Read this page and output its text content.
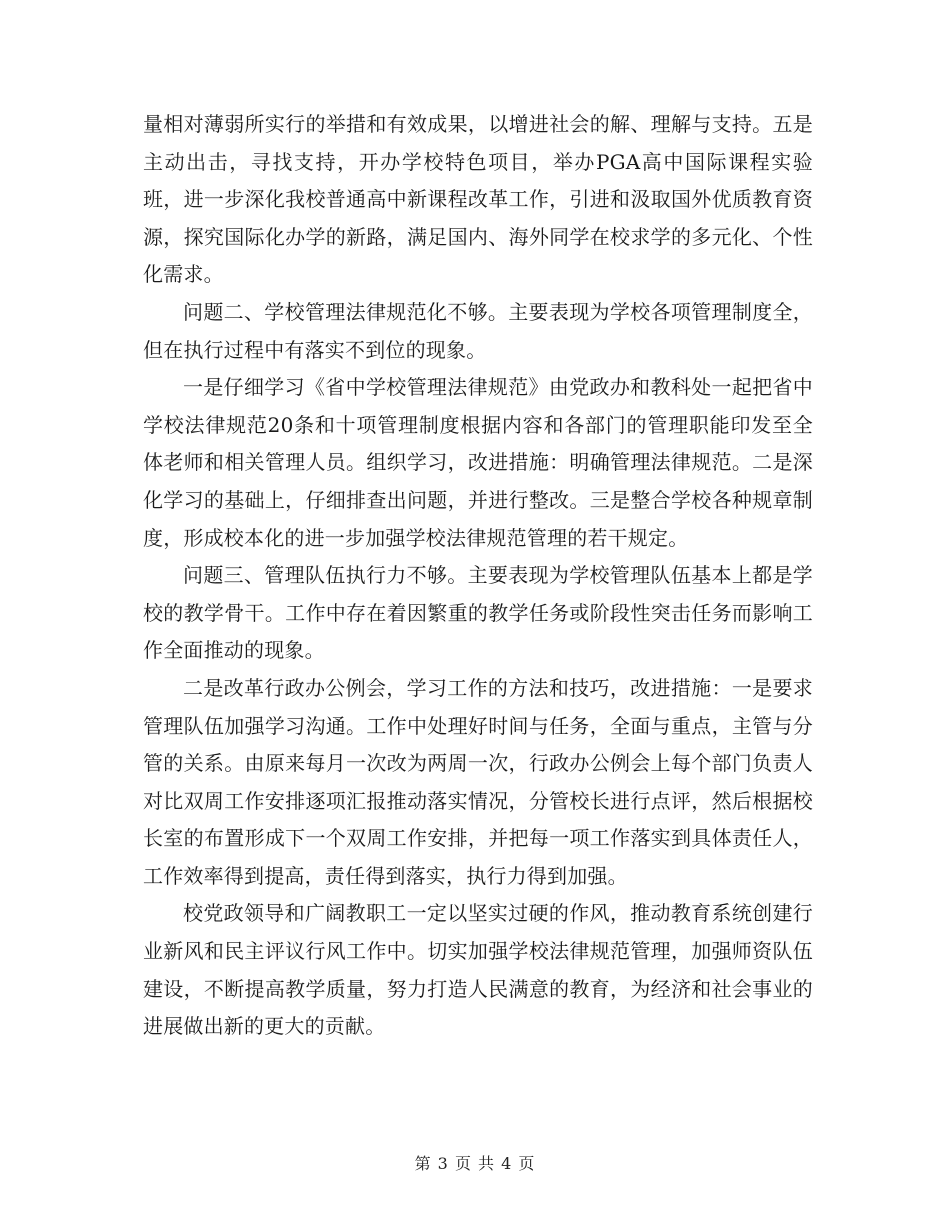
量相对薄弱所实行的举措和有效成果，以增进社会的解、理解与支持。五是主动出击，寻找支持，开办学校特色项目，举办PGA高中国际课程实验班，进一步深化我校普通高中新课程改革工作，引进和汲取国外优质教育资源，探究国际化办学的新路，满足国内、海外同学在校求学的多元化、个性化需求。

问题二、学校管理法律规范化不够。主要表现为学校各项管理制度全，但在执行过程中有落实不到位的现象。

一是仔细学习《省中学校管理法律规范》由党政办和教科处一起把省中学校法律规范20条和十项管理制度根据内容和各部门的管理职能印发至全体老师和相关管理人员。组织学习，改进措施：明确管理法律规范。二是深化学习的基础上，仔细排查出问题，并进行整改。三是整合学校各种规章制度，形成校本化的进一步加强学校法律规范管理的若干规定。

问题三、管理队伍执行力不够。主要表现为学校管理队伍基本上都是学校的教学骨干。工作中存在着因繁重的教学任务或阶段性突击任务而影响工作全面推动的现象。

二是改革行政办公例会，学习工作的方法和技巧，改进措施：一是要求管理队伍加强学习沟通。工作中处理好时间与任务，全面与重点，主管与分管的关系。由原来每月一次改为两周一次，行政办公例会上每个部门负责人对比双周工作安排逐项汇报推动落实情况，分管校长进行点评，然后根据校长室的布置形成下一个双周工作安排，并把每一项工作落实到具体责任人，工作效率得到提高，责任得到落实，执行力得到加强。

校党政领导和广阔教职工一定以坚实过硬的作风，推动教育系统创建行业新风和民主评议行风工作中。切实加强学校法律规范管理，加强师资队伍建设，不断提高教学质量，努力打造人民满意的教育，为经济和社会事业的进展做出新的更大的贡献。

第 3 页 共 4 页
